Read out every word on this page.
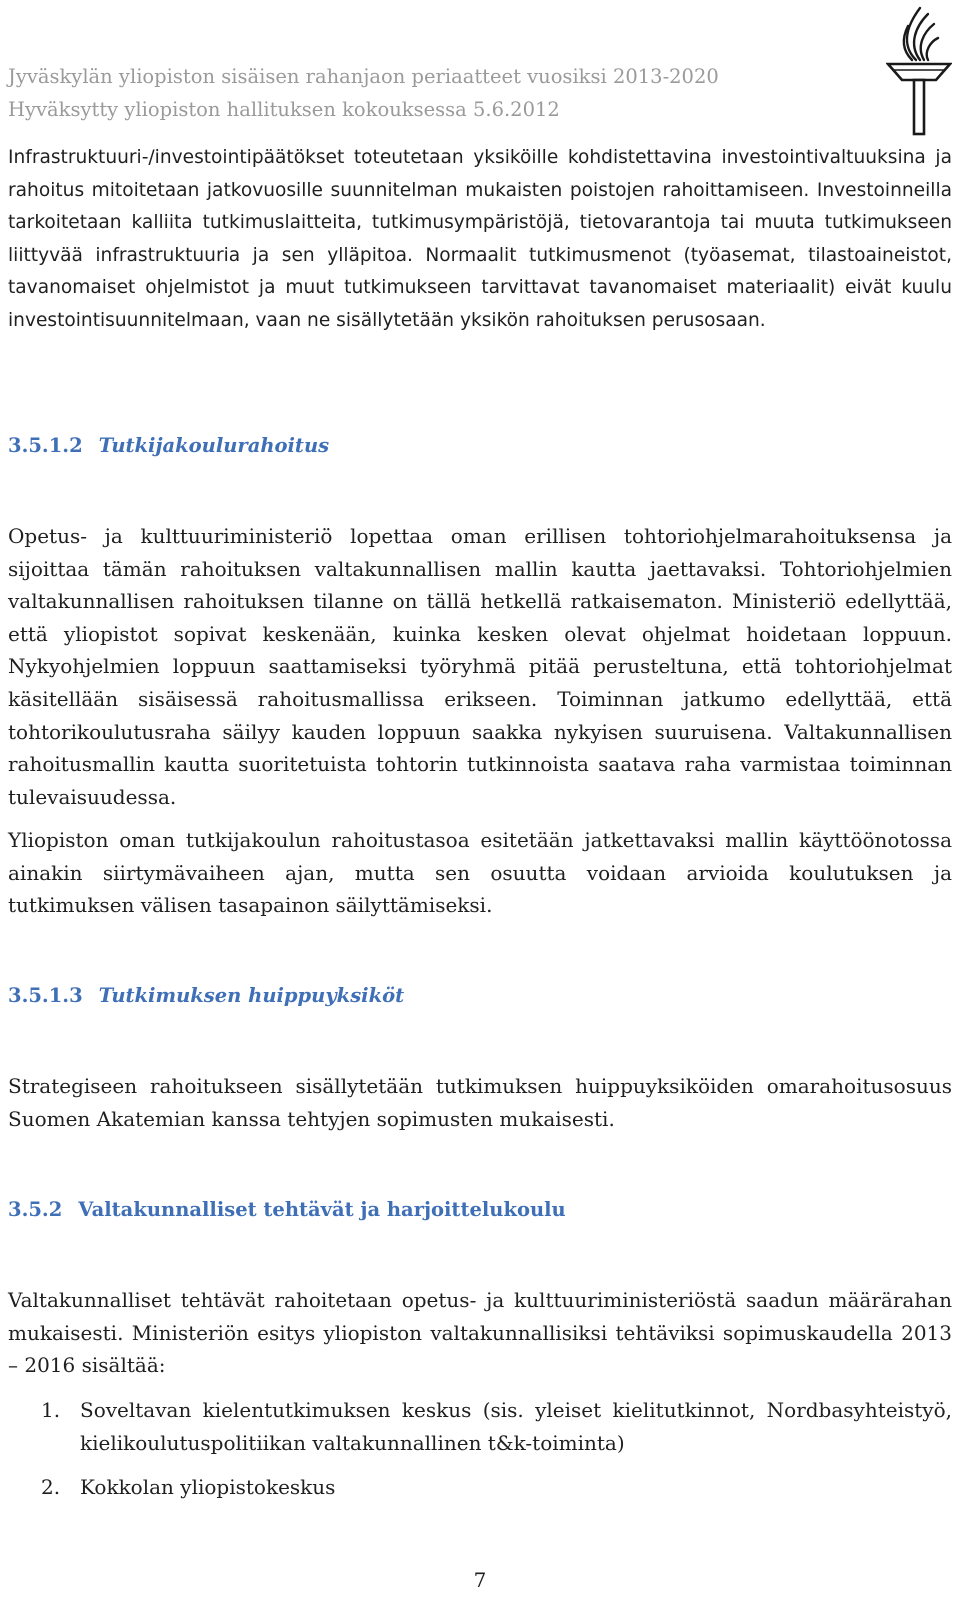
Jyväskylän yliopiston sisäisen rahanjaon periaatteet vuosiksi 2013-2020
Hyväksytty yliopiston hallituksen kokouksessa 5.6.2012

Infrastruktuuri-/investointipäätökset toteutetaan yksiköille kohdistettavina investointivaltuuksina ja rahoitus mitoitetaan jatkovuosille suunnitelman mukaisten poistojen rahoittamiseen. Investoinneilla tarkoitetaan kalliita tutkimuslaitteita, tutkimusympäristöjä, tietovarantoja tai muuta tutkimukseen liittyvää infrastruktuuria ja sen ylläpitoa. Normaalit tutkimusmenot (työasemat, tilastoaineistot, tavanomaiset ohjelmistot ja muut tutkimukseen tarvittavat tavanomaiset materiaalit) eivät kuulu investointisuunnitelmaan, vaan ne sisällytetään yksikön rahoituksen perusosaan.

3.5.1.2 Tutkijakoulurahoitus

Opetus- ja kulttuuriministeriö lopettaa oman erillisen tohtoriohjelmarahoituksensa ja sijoittaa tämän rahoituksen valtakunnallisen mallin kautta jaettavaksi. Tohtoriohjelmien valtakunnallisen rahoituksen tilanne on tällä hetkellä ratkaisematon. Ministeriö edellyttää, että yliopistot sopivat keskenään, kuinka kesken olevat ohjelmat hoidetaan loppuun. Nykyohjelmien loppuun saattamiseksi työryhmä pitää perusteltuna, että tohtoriohjelmat käsitellään sisäisessä rahoitusmallissa erikseen. Toiminnan jatkumo edellyttää, että tohtorikoulutusraha säilyy kauden loppuun saakka nykyisen suuruisena. Valtakunnallisen rahoitusmallin kautta suoritetuista tohtorin tutkinnoista saatava raha varmistaa toiminnan tulevaisuudessa.

Yliopiston oman tutkijakoulun rahoitustasoa esitetään jatkettavaksi mallin käyttöönotossa ainakin siirtymävaiheen ajan, mutta sen osuutta voidaan arvioida koulutuksen ja tutkimuksen välisen tasapainon säilyttämiseksi.

3.5.1.3 Tutkimuksen huippuyksiköt

Strategiseen rahoitukseen sisällytetään tutkimuksen huippuyksiköiden omarahoitusosuus Suomen Akatemian kanssa tehtyjen sopimusten mukaisesti.

3.5.2 Valtakunnalliset tehtävät ja harjoittelukoulu

Valtakunnalliset tehtävät rahoitetaan opetus- ja kulttuuriministeriöstä saadun määrärahan mukaisesti. Ministeriön esitys yliopiston valtakunnallisiksi tehtäviksi sopimuskaudella 2013 – 2016 sisältää:

1. Soveltavan kielentutkimuksen keskus (sis. yleiset kielitutkinnot, Nordbasyhteistyö, kielikoulutuspolitiikan valtakunnallinen t&k-toiminta)
2. Kokkolan yliopistokeskus
7
